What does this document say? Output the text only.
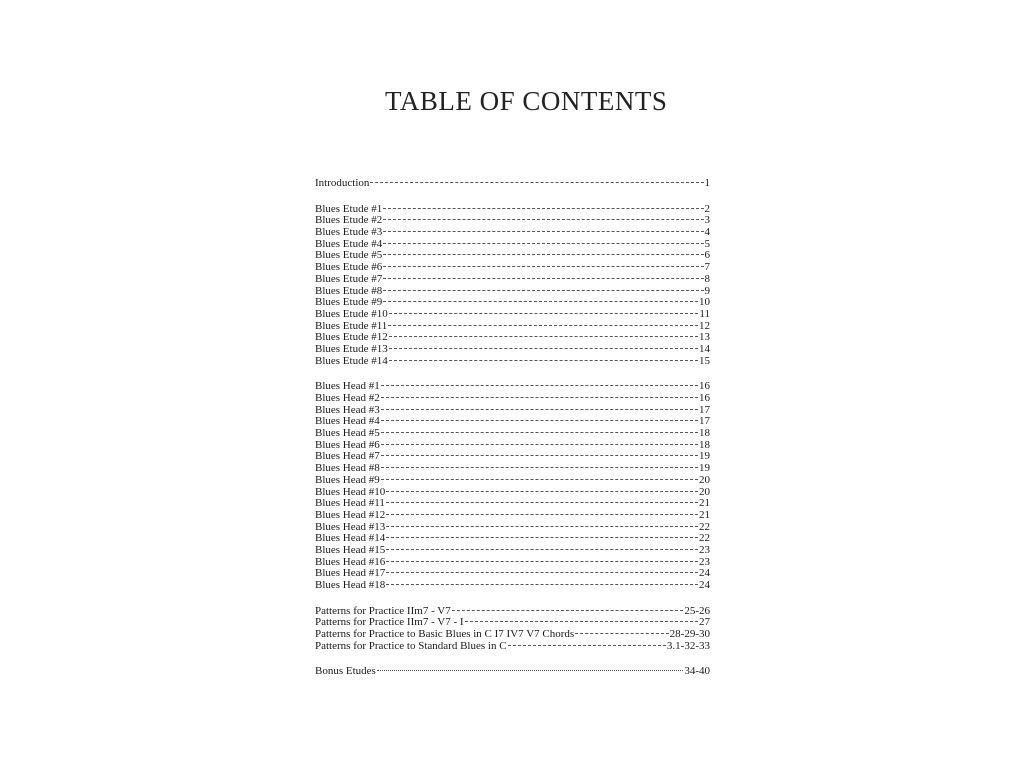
TABLE OF CONTENTS
Introduction	1
Blues Etude #1	2
Blues Etude #2	3
Blues Etude #3	4
Blues Etude #4	5
Blues Etude #5	6
Blues Etude #6	7
Blues Etude #7	8
Blues Etude #8	9
Blues Etude #9	10
Blues Etude #10	11
Blues Etude #11	12
Blues Etude #12	13
Blues Etude #13	14
Blues Etude #14	15
Blues Head #1	16
Blues Head #2	16
Blues Head #3	17
Blues Head #4	17
Blues Head #5	18
Blues Head #6	18
Blues Head #7	19
Blues Head #8	19
Blues Head #9	20
Blues Head #10	20
Blues Head #11	21
Blues Head #12	21
Blues Head #13	22
Blues Head #14	22
Blues Head #15	23
Blues Head #16	23
Blues Head #17	24
Blues Head #18	24
Patterns for Practice IIm7 - V7	25-26
Patterns for Practice IIm7 - V7 - I	27
Patterns for Practice to Basic Blues in C I7 IV7 V7 Chords	28-29-30
Patterns for Practice to Standard Blues in C	3.1-32-33
Bonus Etudes	34-40
